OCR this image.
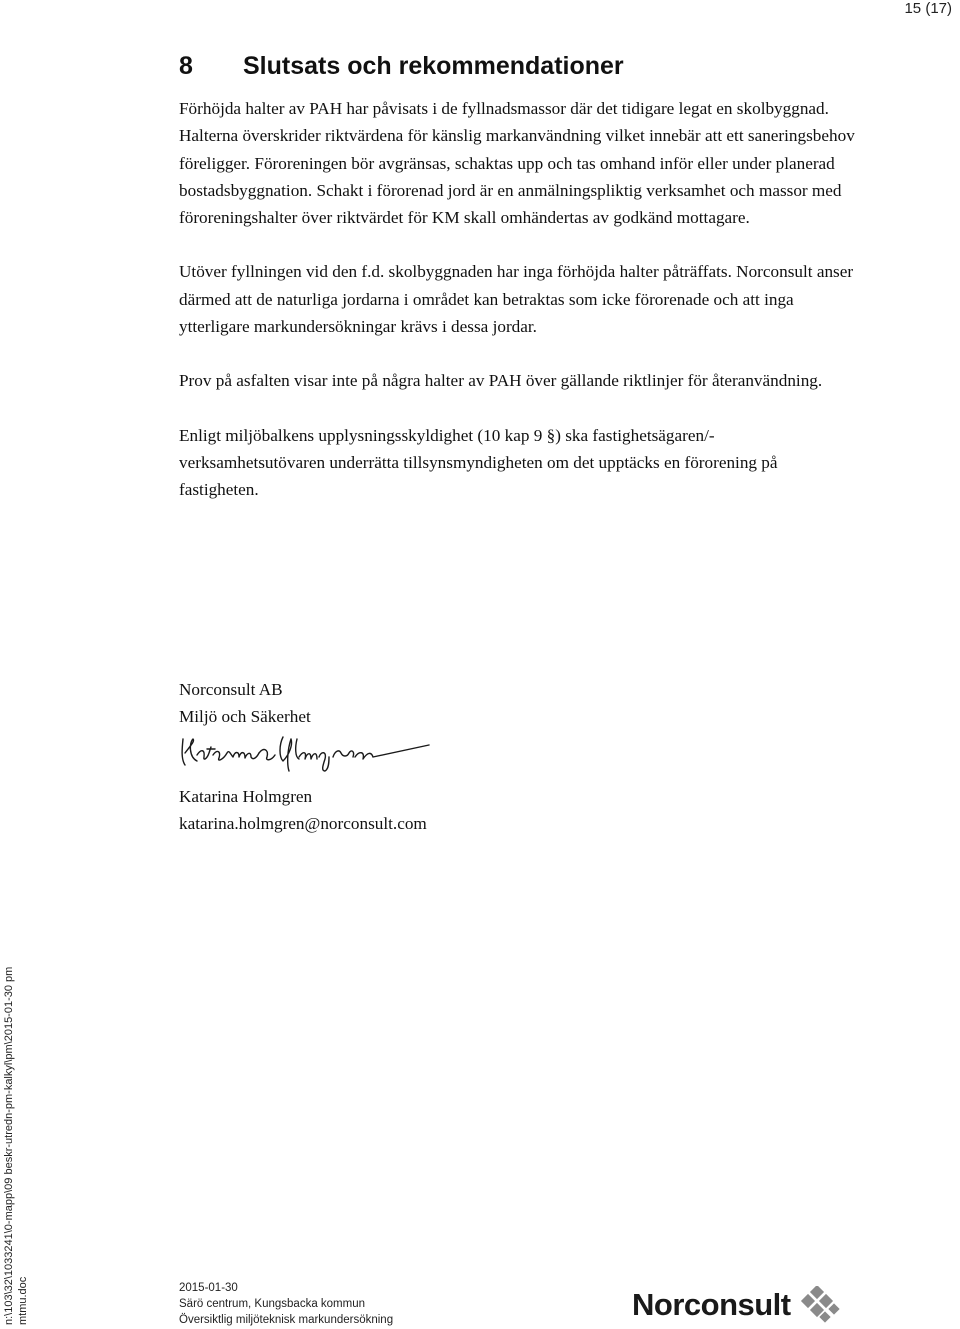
15 (17)
8	Slutsats och rekommendationer

Förhöjda halter av PAH har påvisats i de fyllnadsmassor där det tidigare legat en skolbyggnad. Halterna överskrider riktvärdena för känslig markanvändning vilket innebär att ett saneringsbehov föreligger. Föroreningen bör avgränsas, schaktas upp och tas omhand inför eller under planerad bostadsbyggnation. Schakt i förorenad jord är en anmälningspliktig verksamhet och massor med föroreningshalter över riktvärdet för KM skall omhändertas av godkänd mottagare.

Utöver fyllningen vid den f.d. skolbyggnaden har inga förhöjda halter påträffats. Norconsult anser därmed att de naturliga jordarna i området kan betraktas som icke förorenade och att inga ytterligare markundersökningar krävs i dessa jordar.

Prov på asfalten visar inte på några halter av PAH över gällande riktlinjer för återanvändning.

Enligt miljöbalkens upplysningsskyldighet (10 kap 9 §) ska fastighetsägaren/-verksamhetsutövaren underrätta tillsynsmyndigheten om det upptäcks en förorening på fastigheten.

Norconsult AB
Miljö och Säkerhet
Katarina Holmgren
katarina.holmgren@norconsult.com
n:\103\32\1033241\0-mapp\09 beskr-utredn-pm-kalkyl\pm\2015-01-30 pm mtmu.doc	2015-01-30
Särö centrum, Kungsbacka kommun
Översiktlig miljöteknisk markundersökning	Norconsult
